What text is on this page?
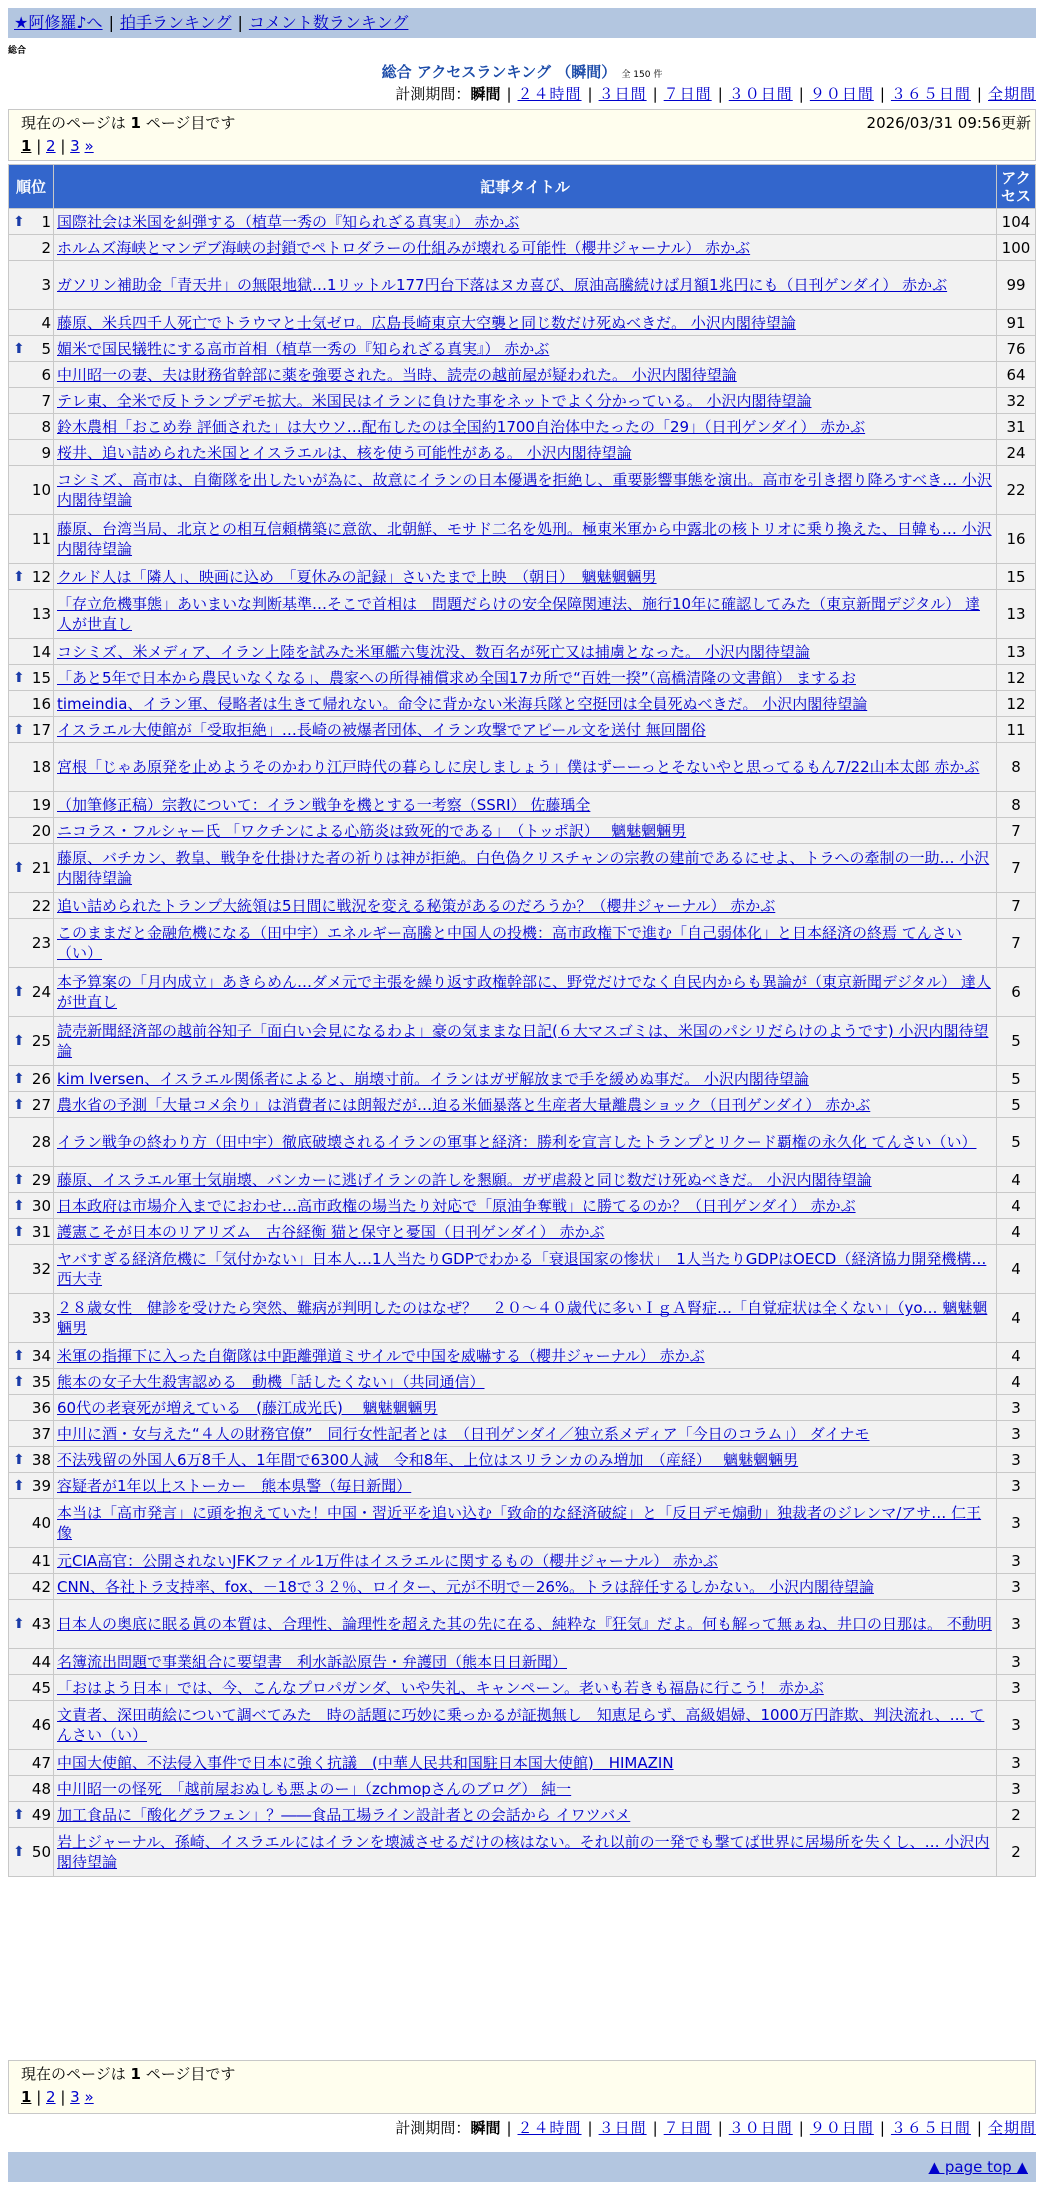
★阿修羅♪へ | 拍手ランキング | コメント数ランキング
総合
総合 アクセスランキング （瞬間） 全 150 件
計測期間：瞬間 | ２４時間 | ３日間 | ７日間 | ３０日間 | ９０日間 | ３６５日間 | 全期間
現在のページは 1 ページ目です	2026/03/31 09:56更新
1 | 2 | 3 »
順位	記事タイトル	アクセス

⬆ 1	国際社会は米国を糾弾する（植草一秀の『知られざる真実』） 赤かぶ	104
2	ホルムズ海峡とマンデブ海峡の封鎖でペトロダラーの仕組みが壊れる可能性（櫻井ジャーナル） 赤かぶ	100
3	ガソリン補助金「青天井」の無限地獄…1リットル177円台下落はヌカ喜び、原油高騰続けば月額1兆円にも（日刊ゲンダイ） 赤かぶ	99
4	藤原、米兵四千人死亡でトラウマと士気ゼロ。広島長崎東京大空襲と同じ数だけ死ぬべきだ。 小沢内閣待望論	91

⬆ 5	媚米で国民犠牲にする高市首相（植草一秀の『知られざる真実』） 赤かぶ	76
6	中川昭一の妻、夫は財務省幹部に薬を強要された。当時、読売の越前屋が疑われた。 小沢内閣待望論	64
7	テレ東、全米で反トランプデモ拡大。米国民はイランに負けた事をネットでよく分かっている。 小沢内閣待望論	32
8	鈴木農相「おこめ券 評価された」は大ウソ…配布したのは全国約1700自治体中たったの「29」（日刊ゲンダイ） 赤かぶ	31
9	桜井、追い詰められた米国とイスラエルは、核を使う可能性がある。 小沢内閣待望論	24
10	コシミズ、高市は、自衛隊を出したいが為に、故意にイランの日本優遇を拒絶し、重要影響事態を演出。高市を引き摺り降ろすべき… 小沢内閣待望論	22
11	藤原、台湾当局、北京との相互信頼構築に意欲、北朝鮮、モサド二名を処刑。極東米軍から中露北の核トリオに乗り換えた、日韓も… 小沢内閣待望論	16

⬆ 12	クルド人は「隣人」、映画に込め　「夏休みの記録」さいたまで上映　（朝日）　魑魅魍魎男	15
13	「存立危機事態」あいまいな判断基準…そこで首相は　問題だらけの安全保障関連法、施行10年に確認してみた（東京新聞デジタル） 達人が世直し	13
14	コシミズ、米メディア、イラン上陸を試みた米軍艦六隻沈没、数百名が死亡又は捕虜となった。 小沢内閣待望論	13

⬆ 15	「あと5年で日本から農民いなくなる」、農家への所得補償求め全国17カ所で“百姓一揆”（高橋清隆の文書館） まするお	12
16	timeindia、イラン軍、侵略者は生きて帰れない。命令に背かない米海兵隊と空挺団は全員死ぬべきだ。 小沢内閣待望論	12

⬆ 17	イスラエル大使館が「受取拒絶」…長崎の被爆者団体、イラン攻撃でアピール文を送付 無回闇俗	11
18	宮根「じゃあ原発を止めようそのかわり江戸時代の暮らしに戻しましょう」僕はずーーっとそないやと思ってるもん7/22山本太郎 赤かぶ	8
19	（加筆修正稿）宗教について：イラン戦争を機とする一考察（SSRI） 佐藤瑀全	8
20	ニコラス・フルシャー氏 「ワクチンによる心筋炎は致死的である」　（トッポ訳）　 魑魅魍魎男	7

⬆ 21	藤原、バチカン、教皇、戦争を仕掛けた者の祈りは神が拒絶。白色偽クリスチャンの宗教の建前であるにせよ、トラへの牽制の一助… 小沢内閣待望論	7
22	追い詰められたトランプ大統領は5日間に戦況を変える秘策があるのだろうか？（櫻井ジャーナル） 赤かぶ	7
23	このままだと金融危機になる（田中宇）エネルギー高騰と中国人の投機：高市政権下で進む「自己弱体化」と日本経済の終焉 てんさい（い）	7

⬆ 24	本予算案の「月内成立」あきらめん…ダメ元で主張を繰り返す政権幹部に、野党だけでなく自民内からも異論が（東京新聞デジタル） 達人が世直し	6

⬆ 25	読売新聞経済部の越前谷知子「面白い会見になるわよ」豪の気ままな日記(６大マスゴミは、米国のパシリだらけのようです) 小沢内閣待望論	5

⬆ 26	kim lversen、イスラエル関係者によると、崩壊寸前。イランはガザ解放まで手を緩めぬ事だ。 小沢内閣待望論	5

⬆ 27	農水省の予測「大量コメ余り」は消費者には朗報だが…迫る米価暴落と生産者大量離農ショック（日刊ゲンダイ） 赤かぶ	5
28	イラン戦争の終わり方（田中宇）徹底破壊されるイランの軍事と経済：勝利を宣言したトランプとリクード覇権の永久化 てんさい（い）	5

⬆ 29	藤原、イスラエル軍士気崩壊、バンカーに逃げイランの許しを懇願。ガザ虐殺と同じ数だけ死ぬべきだ。 小沢内閣待望論	4

⬆ 30	日本政府は市場介入までにおわせ…高市政権の場当たり対応で「原油争奪戦」に勝てるのか？（日刊ゲンダイ） 赤かぶ	4

⬆ 31	護憲こそが日本のリアリズム　古谷経衡 猫と保守と憂国（日刊ゲンダイ） 赤かぶ	4
32	ヤバすぎる経済危機に「気付かない」日本人…1人当たりGDPでわかる「衰退国家の惨状」　1人当たりGDPはOECD（経済協力開発機構… 西大寺	4
33	２８歳女性　健診を受けたら突然、難病が判明したのはなぜ？　２０～４０歳代に多いＩｇＡ腎症…「自覚症状は全くない」（yo… 魑魅魍魎男	4

⬆ 34	米軍の指揮下に入った自衛隊は中距離弾道ミサイルで中国を威嚇する（櫻井ジャーナル） 赤かぶ	4

⬆ 35	熊本の女子大生殺害認める　動機「話したくない」（共同通信）	4
36	60代の老衰死が増えている　(藤江成光氏)　 魑魅魍魎男	3
37	中川に酒・女与えた“４人の財務官僚”　同行女性記者とは　（日刊ゲンダイ／独立系メディア「今日のコラム」） ダイナモ	3

⬆ 38	不法残留の外国人6万8千人、1年間で6300人減　令和8年、上位はスリランカのみ増加　（産経）　 魑魅魍魎男	3

⬆ 39	容疑者が1年以上ストーカー　熊本県警（毎日新聞）	3
40	本当は「高市発言」に頭を抱えていた！中国・習近平を追い込む「致命的な経済破綻」と「反日デモ煽動」独裁者のジレンマ/アサ… 仁王像	3
41	元CIA高官：公開されないJFKファイル1万件はイスラエルに関するもの（櫻井ジャーナル） 赤かぶ	3
42	CNN、各社トラ支持率、fox、－18で３２％、ロイター、元が不明で－26%。トラは辞任するしかない。 小沢内閣待望論	3

⬆ 43	日本人の奥底に眠る眞の本質は、合理性、論理性を超えた其の先に在る、純粋な『狂気』だよ。何も解って無ぁね、井口の日那は。 不動明	3
44	名簿流出問題で事業組合に要望書　利水訴訟原告・弁護団（熊本日日新聞）	3
45	「おはよう日本」では、今、こんなプロパガンダ、いや失礼、キャンペーン。老いも若きも福島に行こう！ 赤かぶ	3
46	文責者、深田萌絵について調べてみた　時の話題に巧妙に乗っかるが証拠無し　知恵足らず、高級娼婦、1000万円詐欺、判決流れ、… てんさい（い）	3
47	中国大使館、不法侵入事件で日本に強く抗議　(中華人民共和国駐日本国大使館)　HIMAZIN	3
48	中川昭一の怪死　「越前屋おぬしも悪よのー」（zchmopさんのブログ） 純一	3

⬆ 49	加工食品に「酸化グラフェン」？――食品工場ライン設計者との会話から イワツバメ	2

⬆ 50	岩上ジャーナル、孫崎、イスラエルにはイランを壊滅させるだけの核はない。それ以前の一発でも撃てば世界に居場所を失くし、… 小沢内閣待望論	2
現在のページは 1 ページ目です
1 | 2 | 3 »
計測期間：瞬間 | ２４時間 | ３日間 | ７日間 | ３０日間 | ９０日間 | ３６５日間 | 全期間
▲ page top ▲
